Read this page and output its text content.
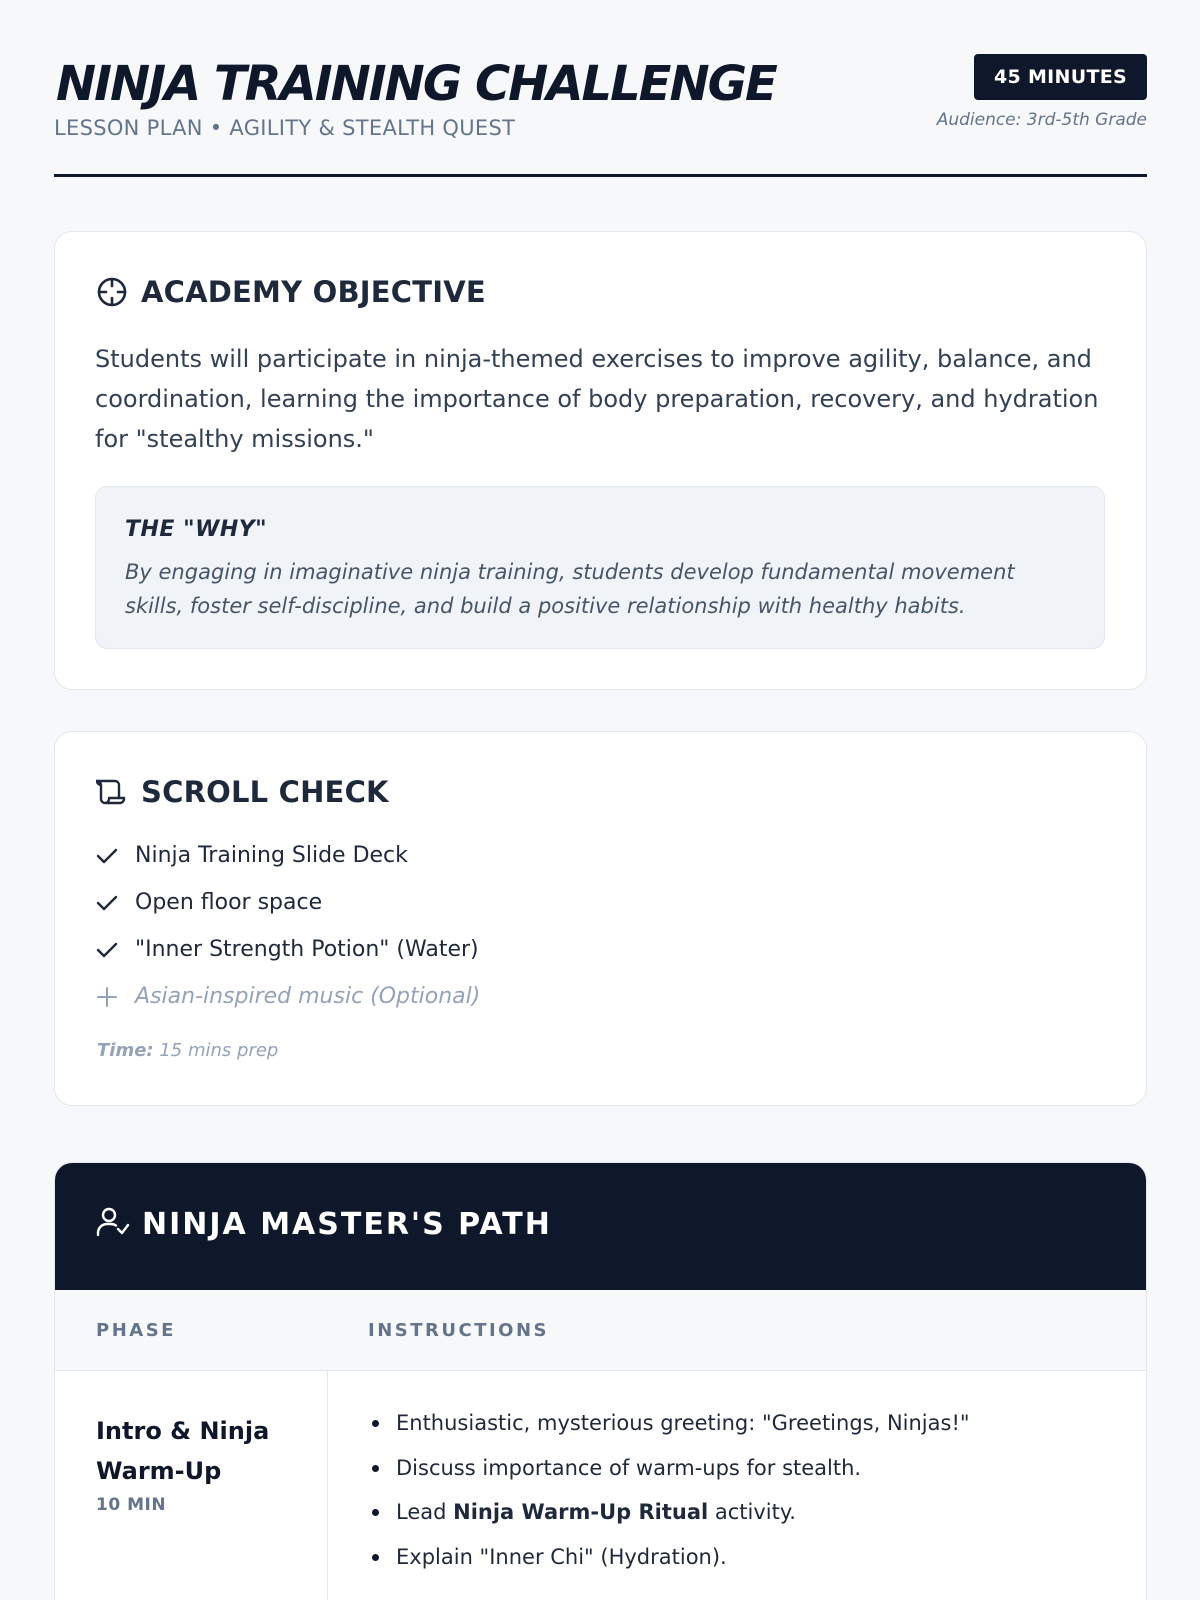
NINJA TRAINING CHALLENGE
LESSON PLAN • AGILITY & STEALTH QUEST
45 MINUTES
Audience: 3rd-5th Grade
ACADEMY OBJECTIVE
Students will participate in ninja-themed exercises to improve agility, balance, and coordination, learning the importance of body preparation, recovery, and hydration for "stealthy missions."
THE "WHY"
By engaging in imaginative ninja training, students develop fundamental movement skills, foster self-discipline, and build a positive relationship with healthy habits.
SCROLL CHECK
Ninja Training Slide Deck
Open floor space
"Inner Strength Potion" (Water)
Asian-inspired music (Optional)
Time: 15 mins prep
NINJA MASTER'S PATH
PHASE	INSTRUCTIONS
Intro & Ninja Warm-Up
10 MIN
Enthusiastic, mysterious greeting: "Greetings, Ninjas!"
Discuss importance of warm-ups for stealth.
Lead Ninja Warm-Up Ritual activity.
Explain "Inner Chi" (Hydration).
